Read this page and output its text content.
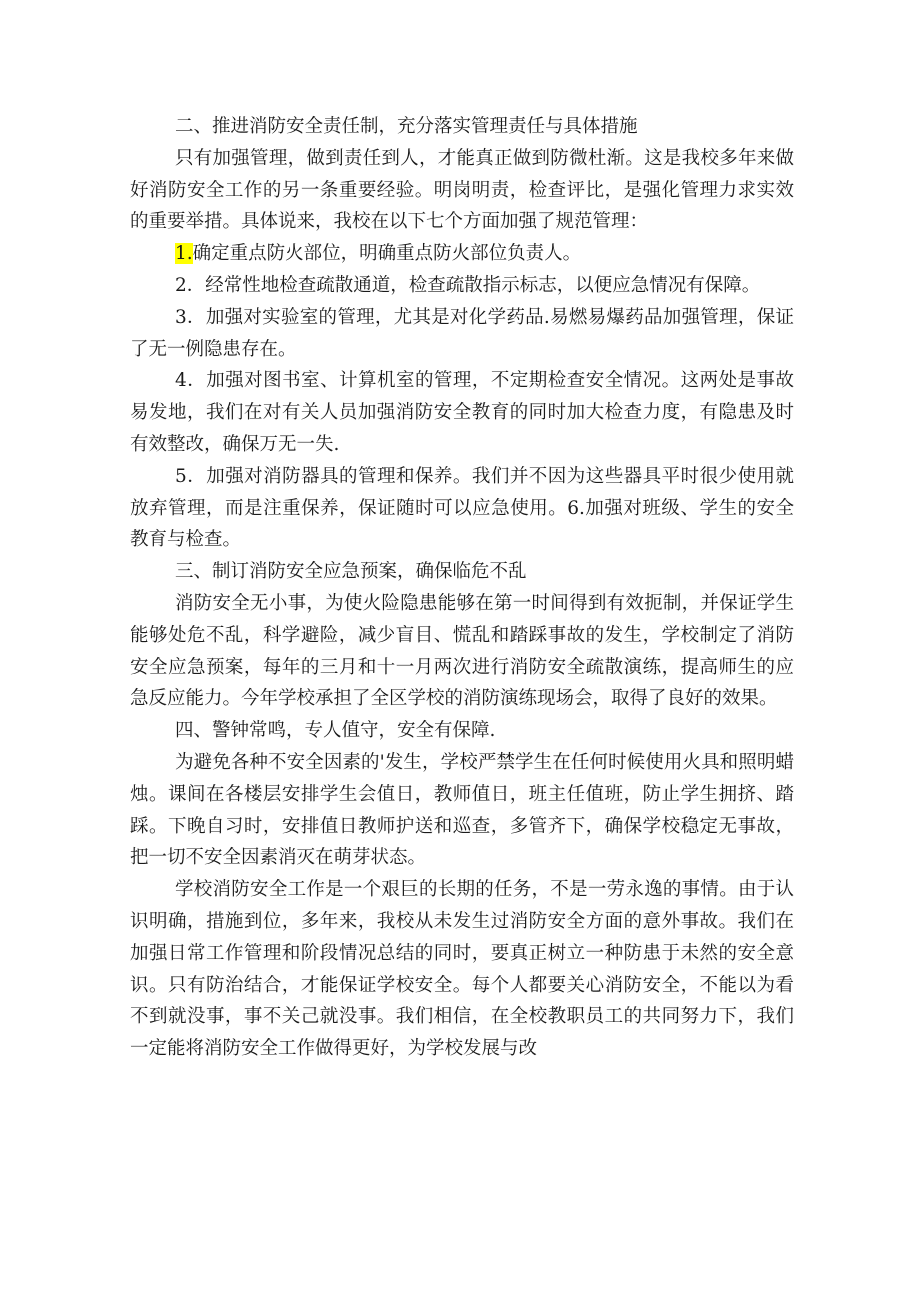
二、推进消防安全责任制，充分落实管理责任与具体措施

只有加强管理，做到责任到人，才能真正做到防微杜渐。这是我校多年来做好消防安全工作的另一条重要经验。明岗明责，检查评比，是强化管理力求实效的重要举措。具体说来，我校在以下七个方面加强了规范管理：

1.确定重点防火部位，明确重点防火部位负责人。

2．经常性地检查疏散通道，检查疏散指示标志，以便应急情况有保障。

3．加强对实验室的管理，尤其是对化学药品.易燃易爆药品加强管理，保证了无一例隐患存在。

4．加强对图书室、计算机室的管理，不定期检查安全情况。这两处是事故易发地，我们在对有关人员加强消防安全教育的同时加大检查力度，有隐患及时有效整改，确保万无一失.

5．加强对消防器具的管理和保养。我们并不因为这些器具平时很少使用就放弃管理，而是注重保养，保证随时可以应急使用。6.加强对班级、学生的安全教育与检查。

三、制订消防安全应急预案，确保临危不乱

消防安全无小事，为使火险隐患能够在第一时间得到有效扼制，并保证学生能够处危不乱，科学避险，减少盲目、慌乱和踏踩事故的发生，学校制定了消防安全应急预案，每年的三月和十一月两次进行消防安全疏散演练，提高师生的应急反应能力。今年学校承担了全区学校的消防演练现场会，取得了良好的效果。

四、警钟常鸣，专人值守，安全有保障.

为避免各种不安全因素的'发生，学校严禁学生在任何时候使用火具和照明蜡烛。课间在各楼层安排学生会值日，教师值日，班主任值班，防止学生拥挤、踏踩。下晚自习时，安排值日教师护送和巡查，多管齐下，确保学校稳定无事故，把一切不安全因素消灭在萌芽状态。

学校消防安全工作是一个艰巨的长期的任务，不是一劳永逸的事情。由于认识明确，措施到位，多年来，我校从未发生过消防安全方面的意外事故。我们在加强日常工作管理和阶段情况总结的同时，要真正树立一种防患于未然的安全意识。只有防治结合，才能保证学校安全。每个人都要关心消防安全，不能以为看不到就没事，事不关己就没事。我们相信，在全校教职员工的共同努力下，我们一定能将消防安全工作做得更好，为学校发展与改
